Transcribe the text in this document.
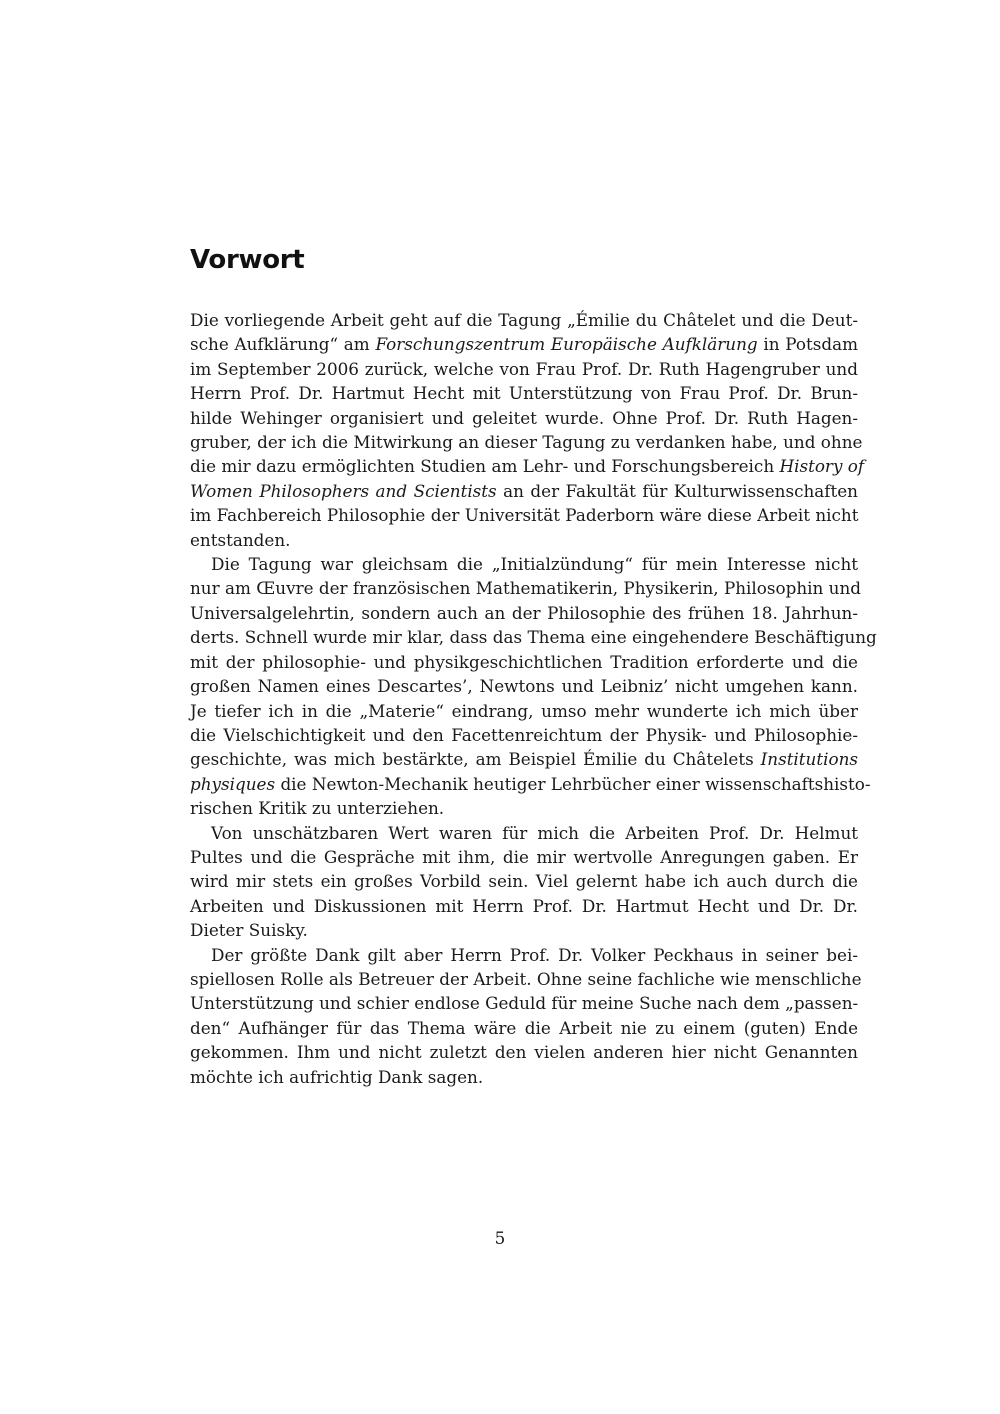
Vorwort
Die vorliegende Arbeit geht auf die Tagung „Émilie du Châtelet und die Deut-
sche Aufklärung“ am Forschungszentrum Europäische Aufklärung in Potsdam
im September 2006 zurück, welche von Frau Prof. Dr. Ruth Hagengruber und
Herrn Prof. Dr. Hartmut Hecht mit Unterstützung von Frau Prof. Dr. Brun-
hilde Wehinger organisiert und geleitet wurde. Ohne Prof. Dr. Ruth Hagen-
gruber, der ich die Mitwirkung an dieser Tagung zu verdanken habe, und ohne
die mir dazu ermöglichten Studien am Lehr- und Forschungsbereich History of
Women Philosophers and Scientists an der Fakultät für Kulturwissenschaften
im Fachbereich Philosophie der Universität Paderborn wäre diese Arbeit nicht
entstanden.
Die Tagung war gleichsam die „Initialzündung“ für mein Interesse nicht
nur am Œuvre der französischen Mathematikerin, Physikerin, Philosophin und
Universalgelehrtin, sondern auch an der Philosophie des frühen 18. Jahrhun-
derts. Schnell wurde mir klar, dass das Thema eine eingehendere Beschäftigung
mit der philosophie- und physikgeschichtlichen Tradition erforderte und die
großen Namen eines Descartes’, Newtons und Leibniz’ nicht umgehen kann.
Je tiefer ich in die „Materie“ eindrang, umso mehr wunderte ich mich über
die Vielschichtigkeit und den Facettenreichtum der Physik- und Philosophie-
geschichte, was mich bestärkte, am Beispiel Émilie du Châtelets Institutions
physiques die Newton-Mechanik heutiger Lehrbücher einer wissenschaftshisto-
rischen Kritik zu unterziehen.
Von unschätzbaren Wert waren für mich die Arbeiten Prof. Dr. Helmut
Pultes und die Gespräche mit ihm, die mir wertvolle Anregungen gaben. Er
wird mir stets ein großes Vorbild sein. Viel gelernt habe ich auch durch die
Arbeiten und Diskussionen mit Herrn Prof. Dr. Hartmut Hecht und Dr. Dr.
Dieter Suisky.
Der größte Dank gilt aber Herrn Prof. Dr. Volker Peckhaus in seiner bei-
spiellosen Rolle als Betreuer der Arbeit. Ohne seine fachliche wie menschliche
Unterstützung und schier endlose Geduld für meine Suche nach dem „passen-
den“ Aufhänger für das Thema wäre die Arbeit nie zu einem (guten) Ende
gekommen. Ihm und nicht zuletzt den vielen anderen hier nicht Genannten
möchte ich aufrichtig Dank sagen.

5
